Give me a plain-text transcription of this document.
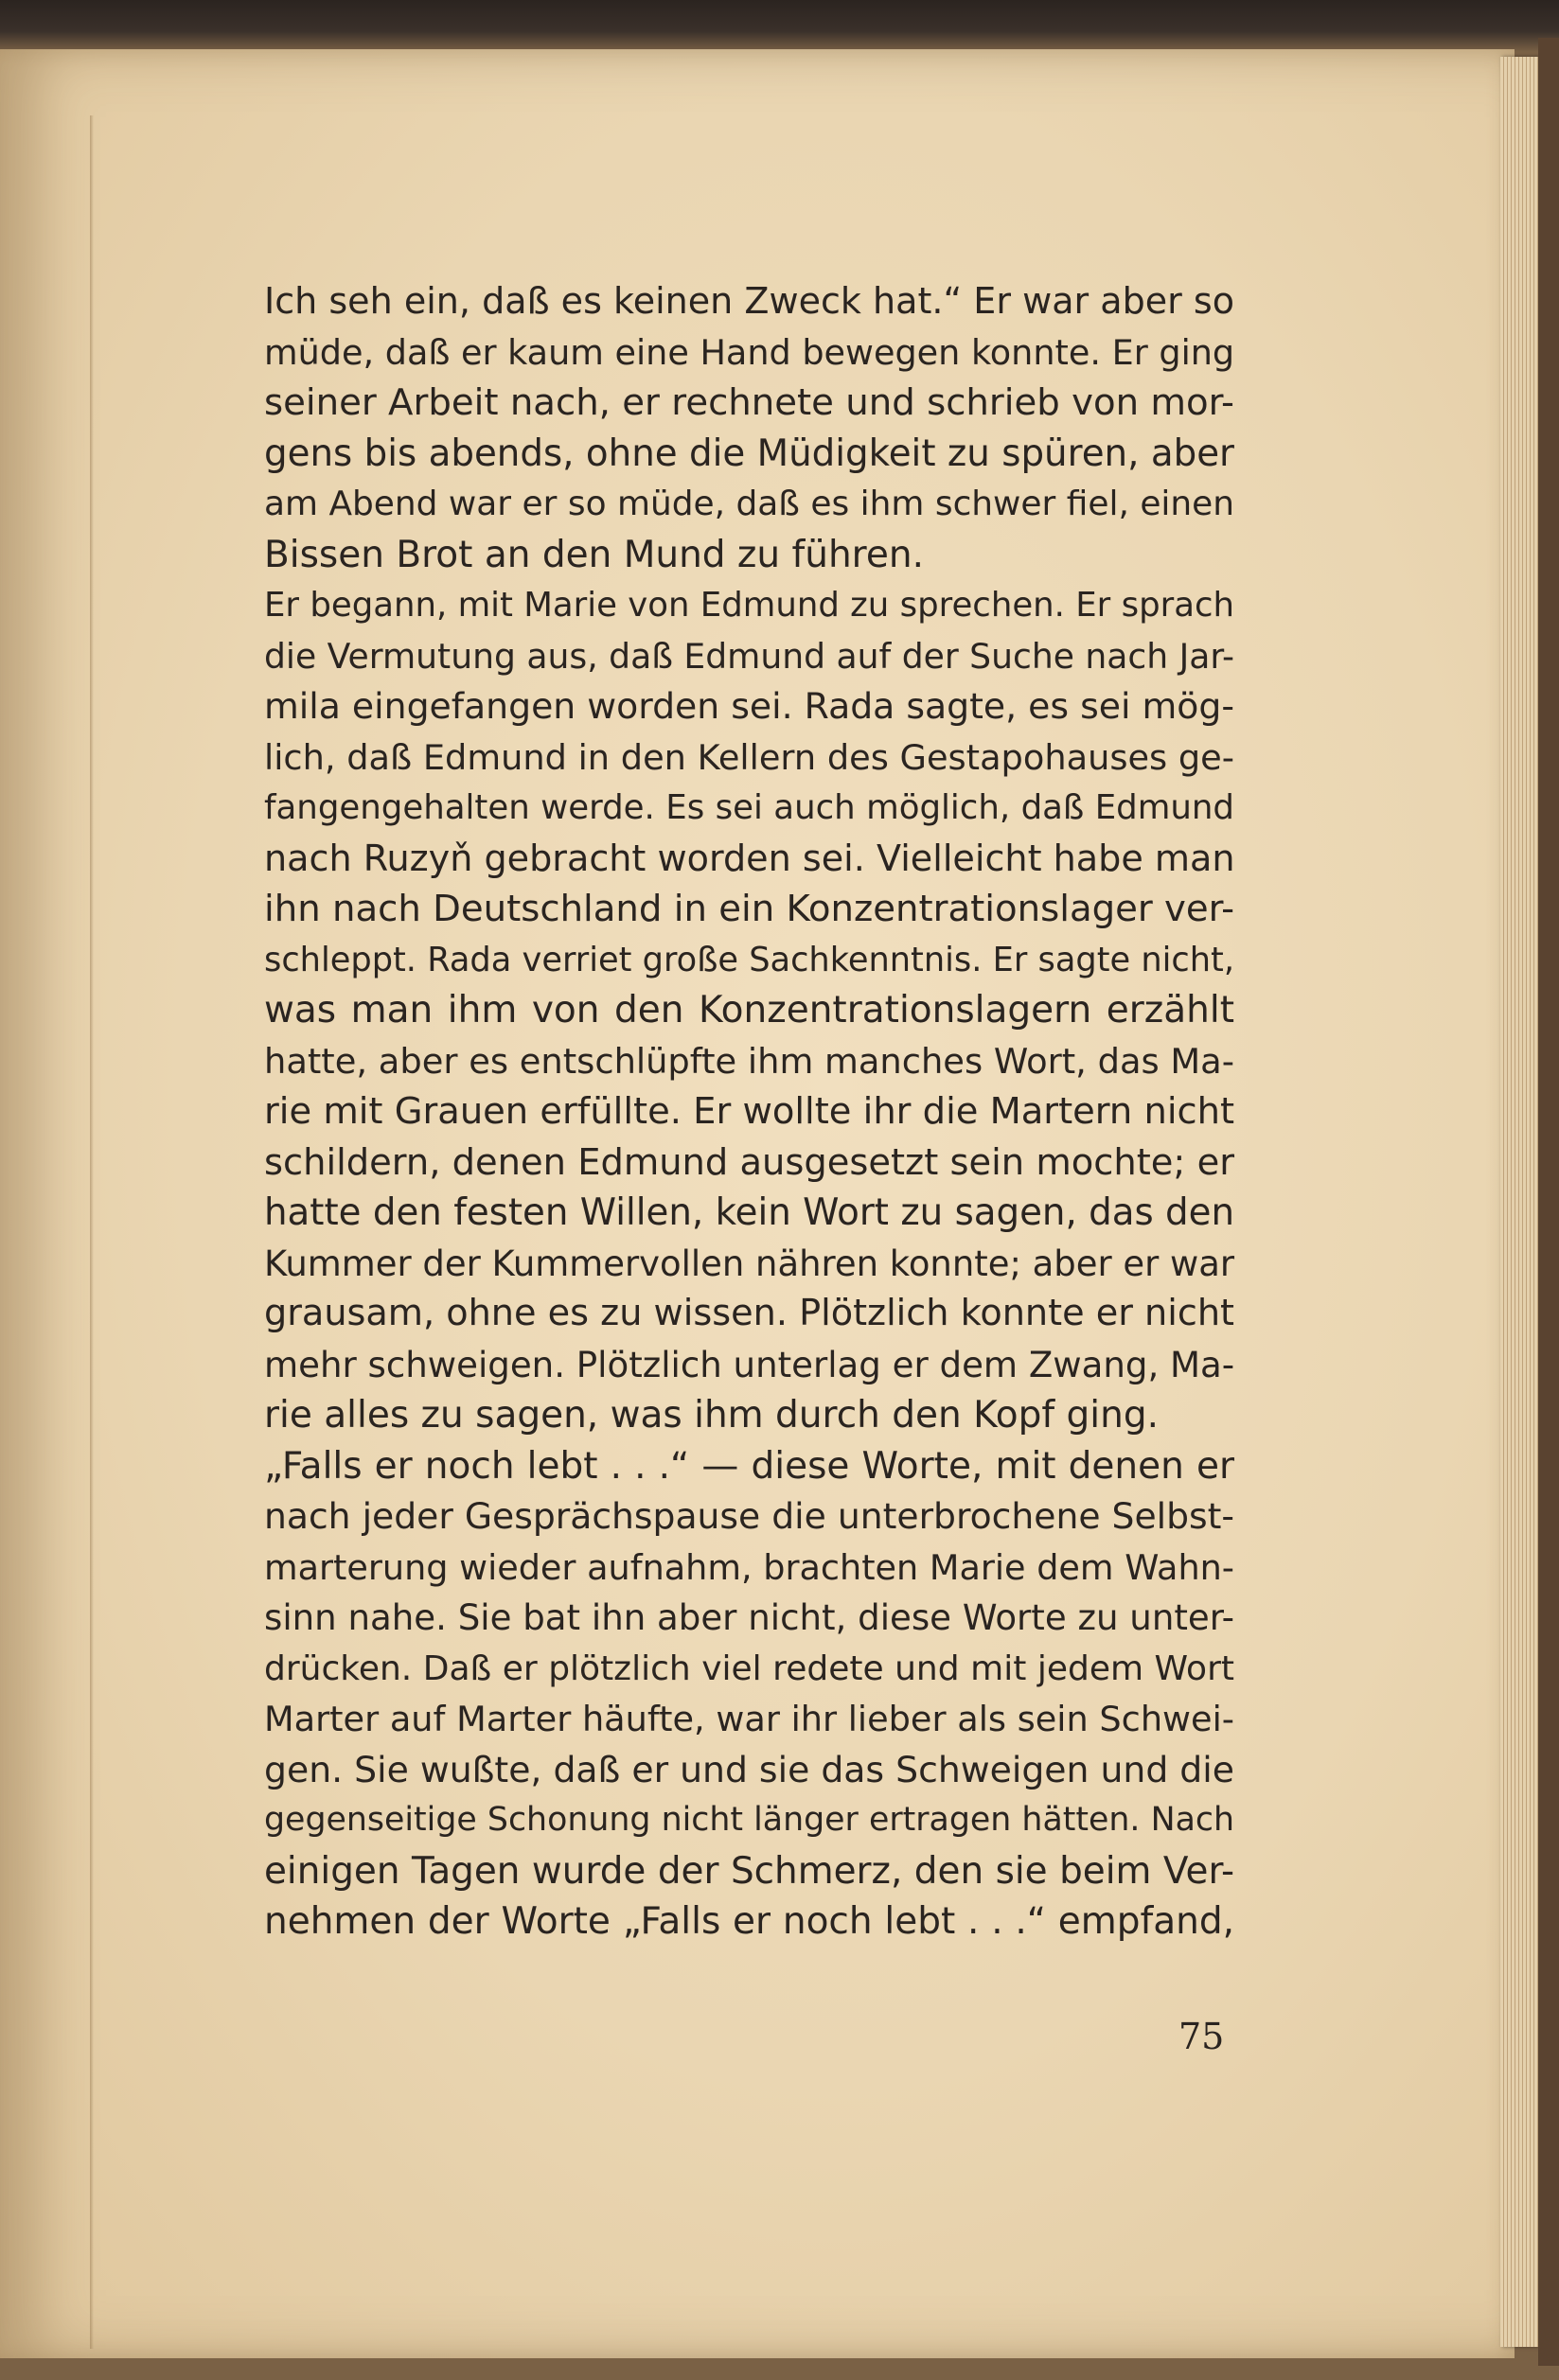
Ich seh ein, daß es keinen Zweck hat.“ Er war aber so
müde, daß er kaum eine Hand bewegen konnte. Er ging
seiner Arbeit nach, er rechnete und schrieb von mor-
gens bis abends, ohne die Müdigkeit zu spüren, aber
am Abend war er so müde, daß es ihm schwer fiel, einen
Bissen Brot an den Mund zu führen.
Er begann, mit Marie von Edmund zu sprechen. Er sprach
die Vermutung aus, daß Edmund auf der Suche nach Jar-
mila eingefangen worden sei. Rada sagte, es sei mög-
lich, daß Edmund in den Kellern des Gestapohauses ge-
fangengehalten werde. Es sei auch möglich, daß Edmund
nach Ruzyň gebracht worden sei. Vielleicht habe man
ihn nach Deutschland in ein Konzentrationslager ver-
schleppt. Rada verriet große Sachkenntnis. Er sagte nicht,
was man ihm von den Konzentrationslagern erzählt
hatte, aber es entschlüpfte ihm manches Wort, das Ma-
rie mit Grauen erfüllte. Er wollte ihr die Martern nicht
schildern, denen Edmund ausgesetzt sein mochte; er
hatte den festen Willen, kein Wort zu sagen, das den
Kummer der Kummervollen nähren konnte; aber er war
grausam, ohne es zu wissen. Plötzlich konnte er nicht
mehr schweigen. Plötzlich unterlag er dem Zwang, Ma-
rie alles zu sagen, was ihm durch den Kopf ging.
„Falls er noch lebt . . .“ — diese Worte, mit denen er
nach jeder Gesprächspause die unterbrochene Selbst-
marterung wieder aufnahm, brachten Marie dem Wahn-
sinn nahe. Sie bat ihn aber nicht, diese Worte zu unter-
drücken. Daß er plötzlich viel redete und mit jedem Wort
Marter auf Marter häufte, war ihr lieber als sein Schwei-
gen. Sie wußte, daß er und sie das Schweigen und die
gegenseitige Schonung nicht länger ertragen hätten. Nach
einigen Tagen wurde der Schmerz, den sie beim Ver-
nehmen der Worte „Falls er noch lebt . . .“ empfand,
75
